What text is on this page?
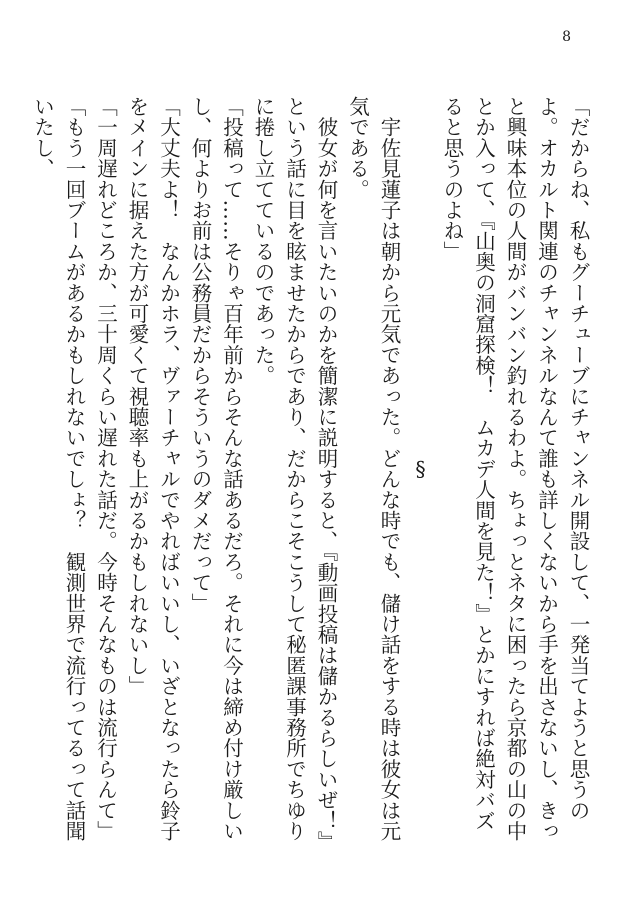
8

「だからね、私もグーチューブにチャンネル開設して、一発当てようと思うのよ。オカルト関連のチャンネルなんて誰も詳しくないから手を出さないし、きっと興味本位の人間がバンバン釣れるわよ。ちょっとネタに困ったら京都の山の中とか入って、『山奥の洞窟探検！　ムカデ人間を見た！』とかにすれば絶対バズると思うのよね」

§

　宇佐見蓮子は朝から元気であった。どんな時でも、儲け話をする時は彼女は元気である。

　彼女が何を言いたいのかを簡潔に説明すると、『動画投稿は儲かるらしいぜ！』という話に目を眩ませたからであり、だからこそこうして秘匿課事務所でちゆりに捲し立てているのであった。

「投稿って……そりゃ百年前からそんな話あるだろ。それに今は締め付け厳しいし、何よりお前は公務員だからそういうのダメだって」

「大丈夫よ！　なんかホラ、ヴァーチャルでやればいいし、いざとなったら鈴子をメインに据えた方が可愛くて視聴率も上がるかもしれないし」

「一周遅れどころか、三十周くらい遅れた話だ。今時そんなものは流行らんて」

「もう一回ブームがあるかもしれないでしょ？　観測世界で流行ってるって話聞いたし、
